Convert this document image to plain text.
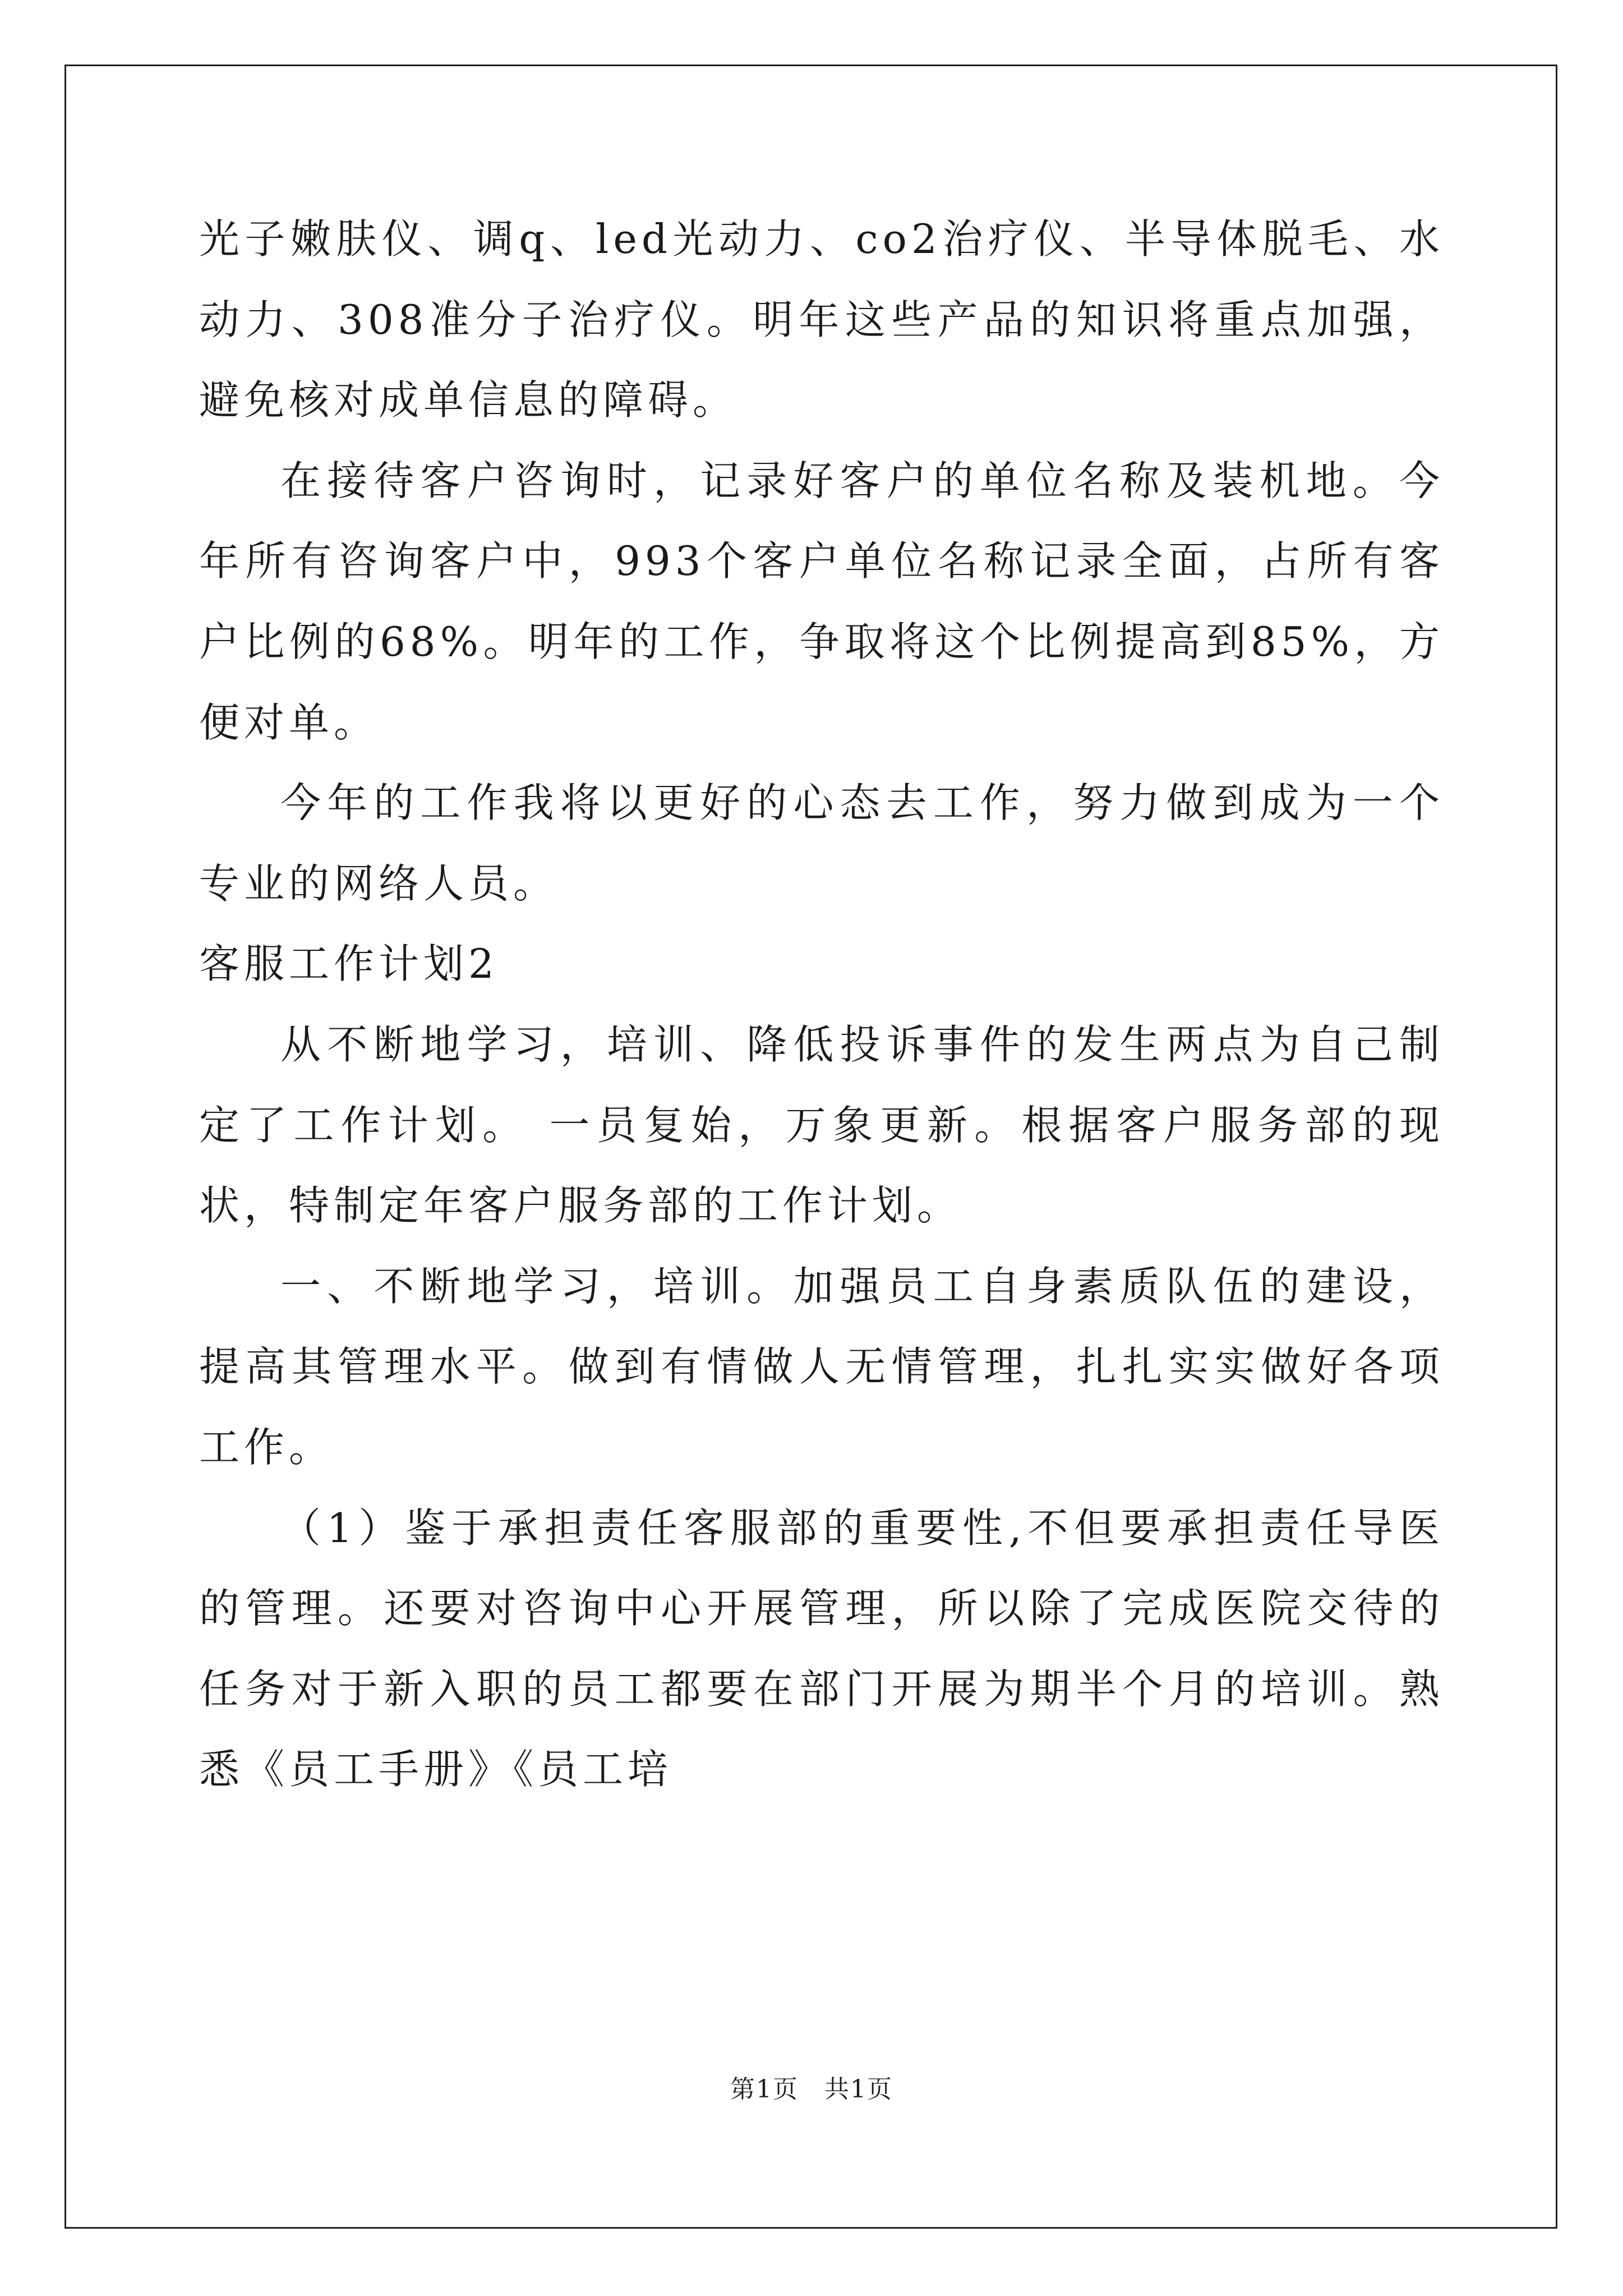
光子嫩肤仪、调q、led光动力、co2治疗仪、半导体脱毛、水动力、308准分子治疗仪。明年这些产品的知识将重点加强，避免核对成单信息的障碍。

在接待客户咨询时，记录好客户的单位名称及装机地。今年所有咨询客户中，993个客户单位名称记录全面，占所有客户比例的68%。明年的工作，争取将这个比例提高到85%，方便对单。

今年的工作我将以更好的心态去工作，努力做到成为一个专业的网络人员。

客服工作计划2

从不断地学习，培训、降低投诉事件的发生两点为自己制定了工作计划。 一员复始，万象更新。根据客户服务部的现状，特制定年客户服务部的工作计划。

一、不断地学习，培训。加强员工自身素质队伍的建设，提高其管理水平。做到有情做人无情管理，扎扎实实做好各项工作。

（1）鉴于承担责任客服部的重要性,不但要承担责任导医的管理。还要对咨询中心开展管理，所以除了完成医院交待的任务对于新入职的员工都要在部门开展为期半个月的培训。熟悉《员工手册》《员工培

第1页　共1页
